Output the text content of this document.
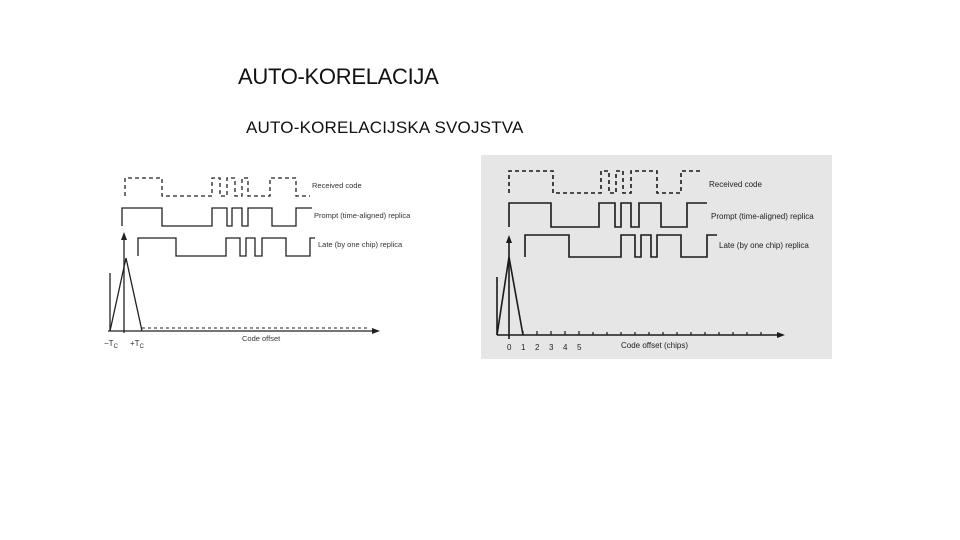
AUTO-KORELACIJA
AUTO-KORELACIJSKA SVOJSTVA
Received code
Prompt (time-aligned) replica
Late (by one chip) replica
Code offset
$-T_C +T_C$
Received code
Prompt (time-aligned) replica
Late (by one chip) replica
Code offset (chips)
0 1 2 3 4 5
